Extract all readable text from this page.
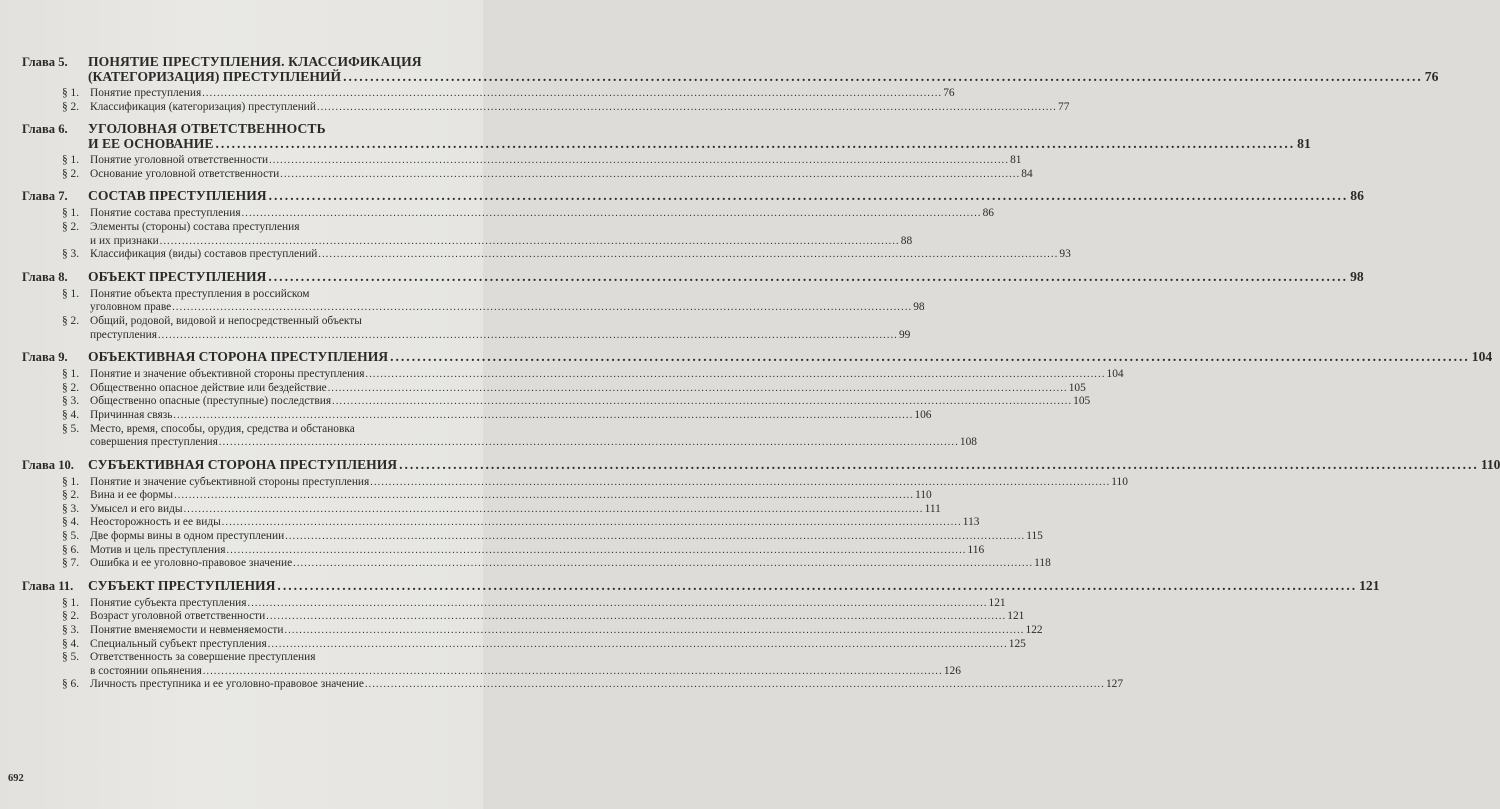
Глава 5.	ПОНЯТИЕ ПРЕСТУПЛЕНИЯ. КЛАССИФИКАЦИЯ
(КАТЕГОРИЗАЦИЯ) ПРЕСТУПЛЕНИЙ ........................................................................................................................................................................................................ 76
§ 1. Понятие преступления ........................................................................................................................................................................................................ 76
§ 2. Классификация (категоризация) преступлений ........................................................................................................................................................................................................ 77
Глава 6.	УГОЛОВНАЯ ОТВЕТСТВЕННОСТЬ
И ЕЕ ОСНОВАНИЕ ........................................................................................................................................................................................................ 81
§ 1. Понятие уголовной ответственности ........................................................................................................................................................................................................ 81
§ 2. Основание уголовной ответственности ........................................................................................................................................................................................................ 84
Глава 7.	СОСТАВ ПРЕСТУПЛЕНИЯ ........................................................................................................................................................................................................ 86
§ 1. Понятие состава преступления ........................................................................................................................................................................................................ 86
§ 2. Элементы (стороны) состава преступления
и их признаки ........................................................................................................................................................................................................ 88
§ 3. Классификация (виды) составов преступлений ........................................................................................................................................................................................................ 93
Глава 8.	ОБЪЕКТ ПРЕСТУПЛЕНИЯ ........................................................................................................................................................................................................ 98
§ 1. Понятие объекта преступления в российском
уголовном праве ........................................................................................................................................................................................................ 98
§ 2. Общий, родовой, видовой и непосредственный объекты
преступления ........................................................................................................................................................................................................ 99
Глава 9.	ОБЪЕКТИВНАЯ СТОРОНА ПРЕСТУПЛЕНИЯ ........................................................................................................................................................................................................ 104
§ 1. Понятие и значение объективной стороны преступления ........................................................................................................................................................................................................ 104
§ 2. Общественно опасное действие или бездействие ........................................................................................................................................................................................................ 105
§ 3. Общественно опасные (преступные) последствия ........................................................................................................................................................................................................ 105
§ 4. Причинная связь ........................................................................................................................................................................................................ 106
§ 5. Место, время, способы, орудия, средства и обстановка
совершения преступления ........................................................................................................................................................................................................ 108
Глава 10.	СУБЪЕКТИВНАЯ СТОРОНА ПРЕСТУПЛЕНИЯ ........................................................................................................................................................................................................ 110
§ 1. Понятие и значение субъективной стороны преступления ........................................................................................................................................................................................................ 110
§ 2. Вина и ее формы ........................................................................................................................................................................................................ 110
§ 3. Умысел и его виды ........................................................................................................................................................................................................ 111
§ 4. Неосторожность и ее виды ........................................................................................................................................................................................................ 113
§ 5. Две формы вины в одном преступлении ........................................................................................................................................................................................................ 115
§ 6. Мотив и цель преступления ........................................................................................................................................................................................................ 116
§ 7. Ошибка и ее уголовно-правовое значение ........................................................................................................................................................................................................ 118
Глава 11.	СУБЪЕКТ ПРЕСТУПЛЕНИЯ ........................................................................................................................................................................................................ 121
§ 1. Понятие субъекта преступления ........................................................................................................................................................................................................ 121
§ 2. Возраст уголовной ответственности ........................................................................................................................................................................................................ 121
§ 3. Понятие вменяемости и невменяемости ........................................................................................................................................................................................................ 122
§ 4. Специальный субъект преступления ........................................................................................................................................................................................................ 125
§ 5. Ответственность за совершение преступления
в состоянии опьянения ........................................................................................................................................................................................................ 126
§ 6. Личность преступника и ее уголовно-правовое значение ........................................................................................................................................................................................................ 127
692
